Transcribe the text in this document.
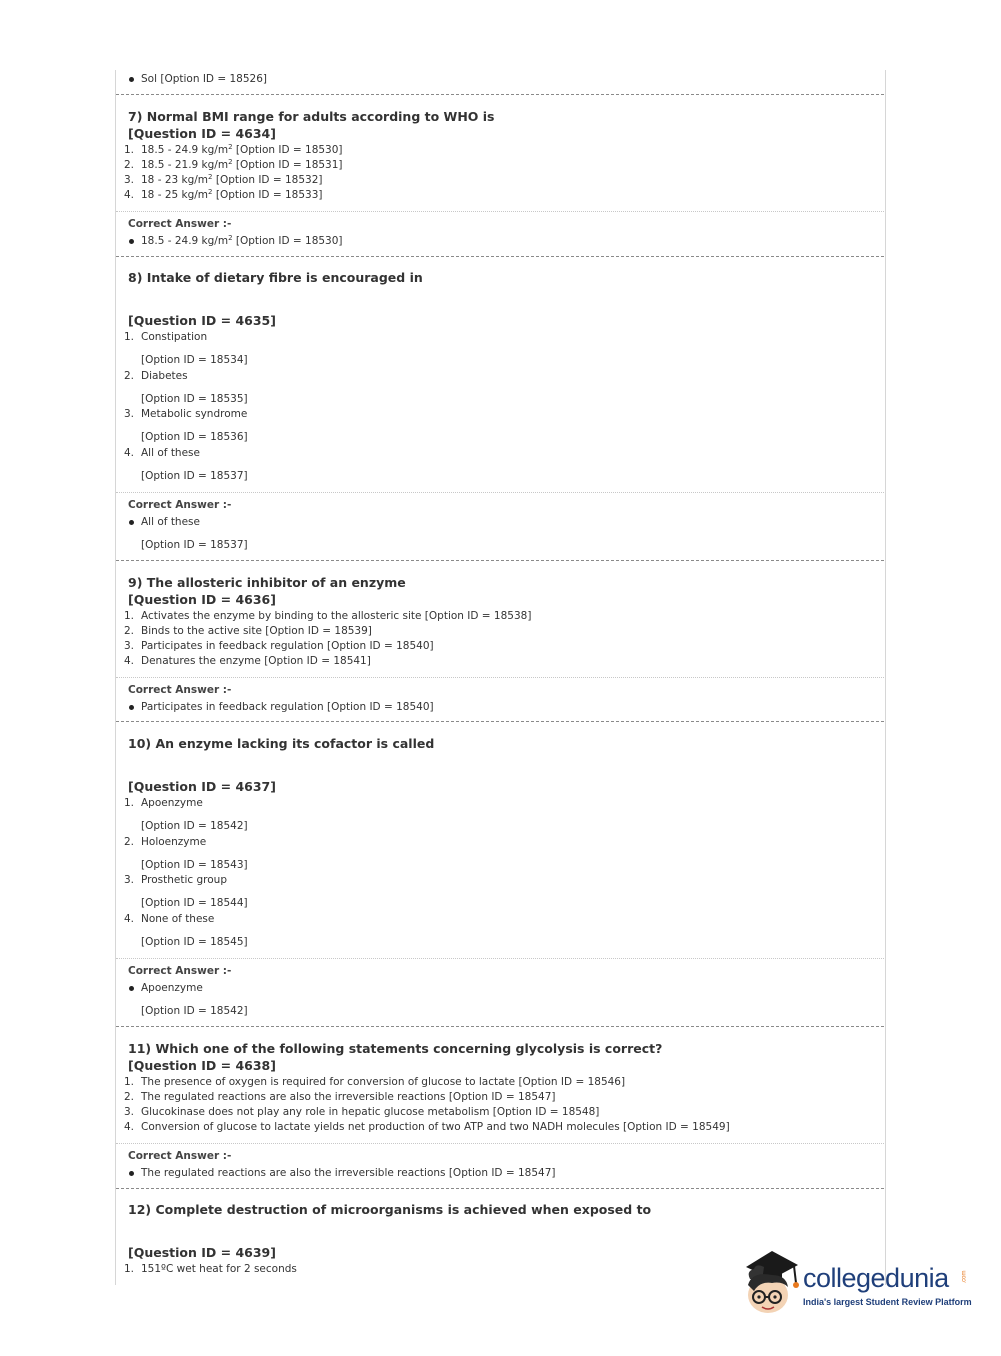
Sol [Option ID = 18526]
7) Normal BMI range for adults according to WHO is
[Question ID = 4634]
1. 18.5 - 24.9 $kg/m^2$ [Option ID = 18530]
2. 18.5 - 21.9 $kg/m^2$ [Option ID = 18531]
3. 18 - 23 $kg/m^2$ [Option ID = 18532]
4. 18 - 25 $kg/m^2$ [Option ID = 18533]
Correct Answer :-
18.5 - 24.9 $kg/m^2$ [Option ID = 18530]
8) Intake of dietary fibre is encouraged in
[Question ID = 4635]
1. Constipation
[Option ID = 18534]
2. Diabetes
[Option ID = 18535]
3. Metabolic syndrome
[Option ID = 18536]
4. All of these
[Option ID = 18537]
Correct Answer :-
All of these
[Option ID = 18537]
9) The allosteric inhibitor of an enzyme
[Question ID = 4636]
1. Activates the enzyme by binding to the allosteric site [Option ID = 18538]
2. Binds to the active site [Option ID = 18539]
3. Participates in feedback regulation [Option ID = 18540]
4. Denatures the enzyme [Option ID = 18541]
Correct Answer :-
Participates in feedback regulation [Option ID = 18540]
10) An enzyme lacking its cofactor is called
[Question ID = 4637]
1. Apoenzyme
[Option ID = 18542]
2. Holoenzyme
[Option ID = 18543]
3. Prosthetic group
[Option ID = 18544]
4. None of these
[Option ID = 18545]
Correct Answer :-
Apoenzyme
[Option ID = 18542]
11) Which one of the following statements concerning glycolysis is correct?
[Question ID = 4638]
1. The presence of oxygen is required for conversion of glucose to lactate [Option ID = 18546]
2. The regulated reactions are also the irreversible reactions [Option ID = 18547]
3. Glucokinase does not play any role in hepatic glucose metabolism [Option ID = 18548]
4. Conversion of glucose to lactate yields net production of two ATP and two NADH molecules [Option ID = 18549]
Correct Answer :-
The regulated reactions are also the irreversible reactions [Option ID = 18547]
12) Complete destruction of microorganisms is achieved when exposed to
[Question ID = 4639]
1. 151ºC wet heat for 2 seconds	collegedunia .com
India's largest Student Review Platform
